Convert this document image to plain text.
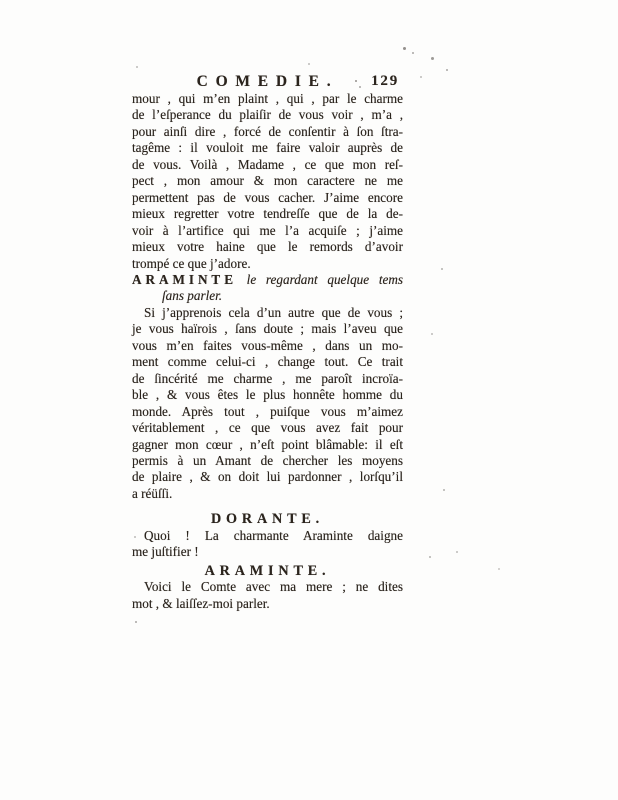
COMEDIE. 129
mour , qui m’en plaint , qui , par le charme
de l’eſperance du plaiſir de vous voir , m’a ,
pour ainſi dire , forcé de conſentir à ſon ſtra-
tagême : il vouloit me faire valoir auprès de
de vous. Voilà , Madame , ce que mon reſ-
pect , mon amour & mon caractere ne me
permettent pas de vous cacher. J’aime encore
mieux regretter votre tendreſſe que de la de-
voir à l’artifice qui me l’a acquiſe ; j’aime
mieux votre haine que le remords d’avoir
trompé ce que j’adore.
ARAMINTE le regardant quelque tems
ſans parler.
Si j’apprenois cela d’un autre que de vous ;
je vous haïrois , ſans doute ; mais l’aveu que
vous m’en faites vous-même , dans un mo-
ment comme celui-ci , change tout. Ce trait
de ſincérité me charme , me paroît incroïa-
ble , & vous êtes le plus honnête homme du
monde. Après tout , puiſque vous m’aimez
véritablement , ce que vous avez fait pour
gagner mon cœur , n’eſt point blâmable: il eſt
permis à un Amant de chercher les moyens
de plaire , & on doit lui pardonner , lorſqu’il
a réüſſi.
DORANTE.
Quoi ! La charmante Araminte daigne
me juſtifier !
ARAMINTE.
Voici le Comte avec ma mere ; ne dites
mot , & laiſſez-moi parler.
